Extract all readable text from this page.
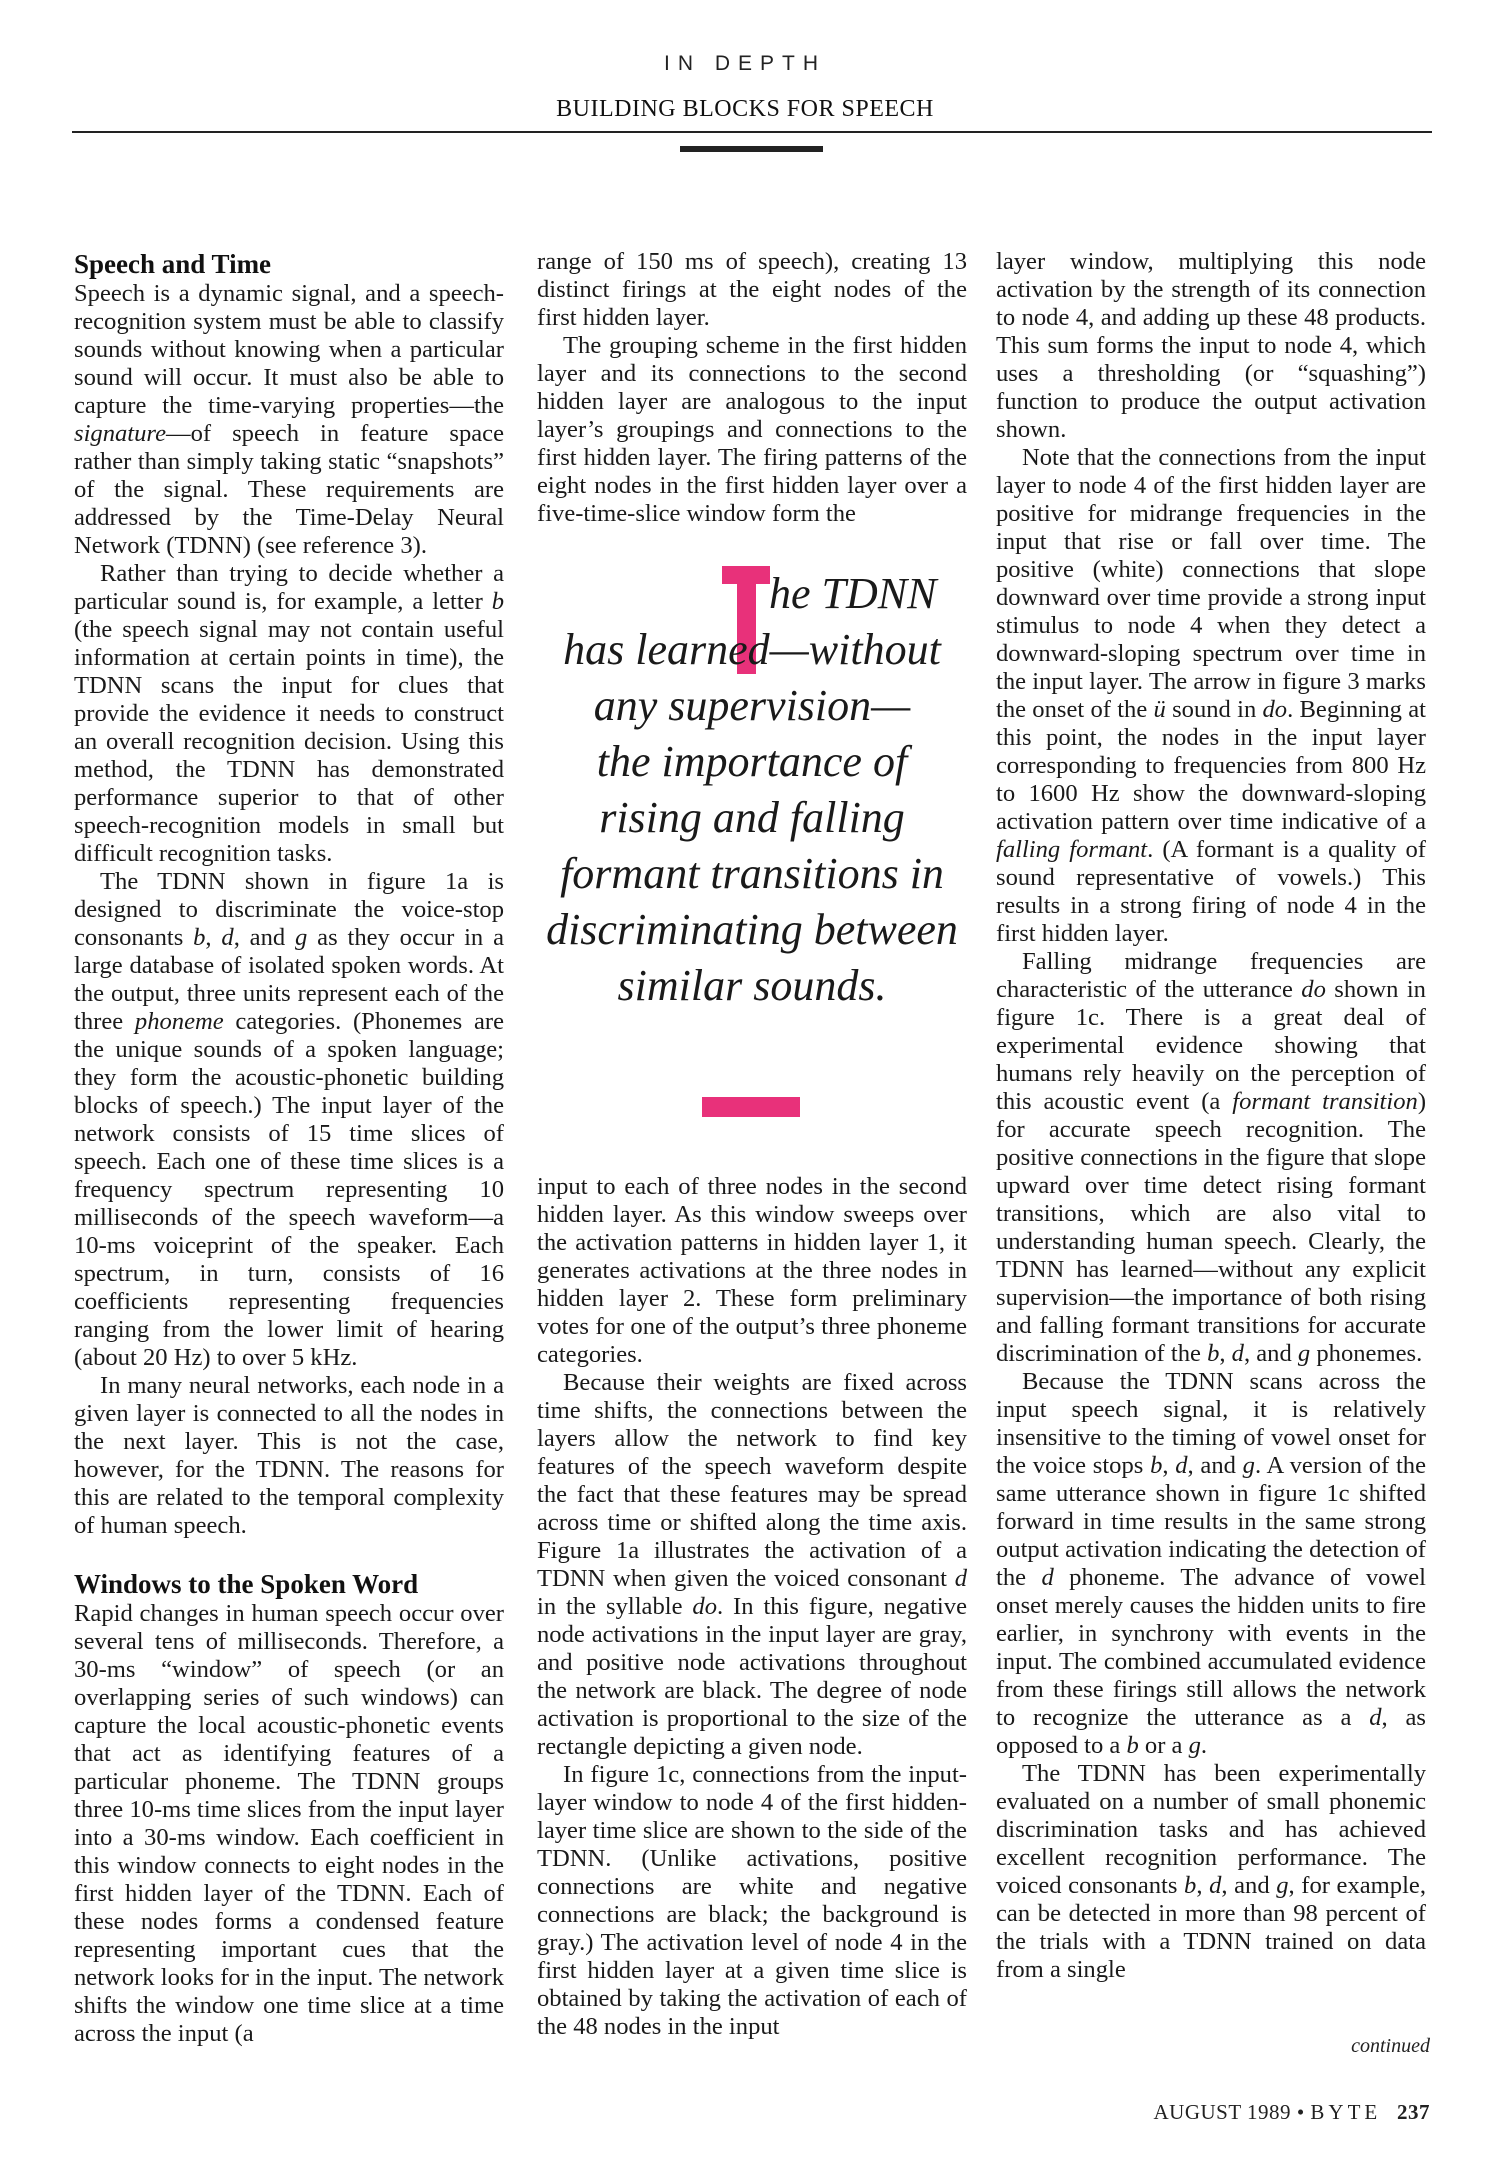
IN DEPTH
BUILDING BLOCKS FOR SPEECH
Speech and Time

Speech is a dynamic signal, and a speech-recognition system must be able to classify sounds without knowing when a particular sound will occur. It must also be able to capture the time-varying properties—the signature—of speech in feature space rather than simply taking static “snapshots” of the signal. These requirements are addressed by the Time-Delay Neural Network (TDNN) (see reference 3).

Rather than trying to decide whether a particular sound is, for example, a letter b (the speech signal may not contain useful information at certain points in time), the TDNN scans the input for clues that provide the evidence it needs to construct an overall recognition decision. Using this method, the TDNN has demonstrated performance superior to that of other speech-recognition models in small but difficult recognition tasks.

The TDNN shown in figure 1a is designed to discriminate the voice-stop consonants b, d, and g as they occur in a large database of isolated spoken words. At the output, three units represent each of the three phoneme categories. (Phonemes are the unique sounds of a spoken language; they form the acoustic-phonetic building blocks of speech.) The input layer of the network consists of 15 time slices of speech. Each one of these time slices is a frequency spectrum representing 10 milliseconds of the speech waveform—a 10-ms voiceprint of the speaker. Each spectrum, in turn, consists of 16 coefficients representing frequencies ranging from the lower limit of hearing (about 20 Hz) to over 5 kHz.

In many neural networks, each node in a given layer is connected to all the nodes in the next layer. This is not the case, however, for the TDNN. The reasons for this are related to the temporal complexity of human speech.

Windows to the Spoken Word

Rapid changes in human speech occur over several tens of milliseconds. Therefore, a 30-ms “window” of speech (or an overlapping series of such windows) can capture the local acoustic-phonetic events that act as identifying features of a particular phoneme. The TDNN groups three 10-ms time slices from the input layer into a 30-ms window. Each coefficient in this window connects to eight nodes in the first hidden layer of the TDNN. Each of these nodes forms a condensed feature representing important cues that the network looks for in the input. The network shifts the window one time slice at a time across the input (a

range of 150 ms of speech), creating 13 distinct firings at the eight nodes of the first hidden layer.

The grouping scheme in the first hidden layer and its connections to the second hidden layer are analogous to the input layer’s groupings and connections to the first hidden layer. The firing patterns of the eight nodes in the first hidden layer over a five-time-slice window form the

he TDNN
has learned—without
any supervision—
the importance of
rising and falling
formant transitions in
discriminating between
similar sounds.

input to each of three nodes in the second hidden layer. As this window sweeps over the activation patterns in hidden layer 1, it generates activations at the three nodes in hidden layer 2. These form preliminary votes for one of the output’s three phoneme categories.

Because their weights are fixed across time shifts, the connections between the layers allow the network to find key features of the speech waveform despite the fact that these features may be spread across time or shifted along the time axis. Figure 1a illustrates the activation of a TDNN when given the voiced consonant d in the syllable do. In this figure, negative node activations in the input layer are gray, and positive node activations throughout the network are black. The degree of node activation is proportional to the size of the rectangle depicting a given node.

In figure 1c, connections from the input-layer window to node 4 of the first hidden-layer time slice are shown to the side of the TDNN. (Unlike activations, positive connections are white and negative connections are black; the background is gray.) The activation level of node 4 in the first hidden layer at a given time slice is obtained by taking the activation of each of the 48 nodes in the input

layer window, multiplying this node activation by the strength of its connection to node 4, and adding up these 48 products. This sum forms the input to node 4, which uses a thresholding (or “squashing”) function to produce the output activation shown.

Note that the connections from the input layer to node 4 of the first hidden layer are positive for midrange frequencies in the input that rise or fall over time. The positive (white) connections that slope downward over time provide a strong input stimulus to node 4 when they detect a downward-sloping spectrum over time in the input layer. The arrow in figure 3 marks the onset of the ü sound in do. Beginning at this point, the nodes in the input layer corresponding to frequencies from 800 Hz to 1600 Hz show the downward-sloping activation pattern over time indicative of a falling formant. (A formant is a quality of sound representative of vowels.) This results in a strong firing of node 4 in the first hidden layer.

Falling midrange frequencies are characteristic of the utterance do shown in figure 1c. There is a great deal of experimental evidence showing that humans rely heavily on the perception of this acoustic event (a formant transition) for accurate speech recognition. The positive connections in the figure that slope upward over time detect rising formant transitions, which are also vital to understanding human speech. Clearly, the TDNN has learned—without any explicit supervision—the importance of both rising and falling formant transitions for accurate discrimination of the b, d, and g phonemes.

Because the TDNN scans across the input speech signal, it is relatively insensitive to the timing of vowel onset for the voice stops b, d, and g. A version of the same utterance shown in figure 1c shifted forward in time results in the same strong output activation indicating the detection of the d phoneme. The advance of vowel onset merely causes the hidden units to fire earlier, in synchrony with events in the input. The combined accumulated evidence from these firings still allows the network to recognize the utterance as a d, as opposed to a b or a g.

The TDNN has been experimentally evaluated on a number of small phonemic discrimination tasks and has achieved excellent recognition performance. The voiced consonants b, d, and g, for example, can be detected in more than 98 percent of the trials with a TDNN trained on data from a single

continued
AUGUST 1989 • BYTE 237
